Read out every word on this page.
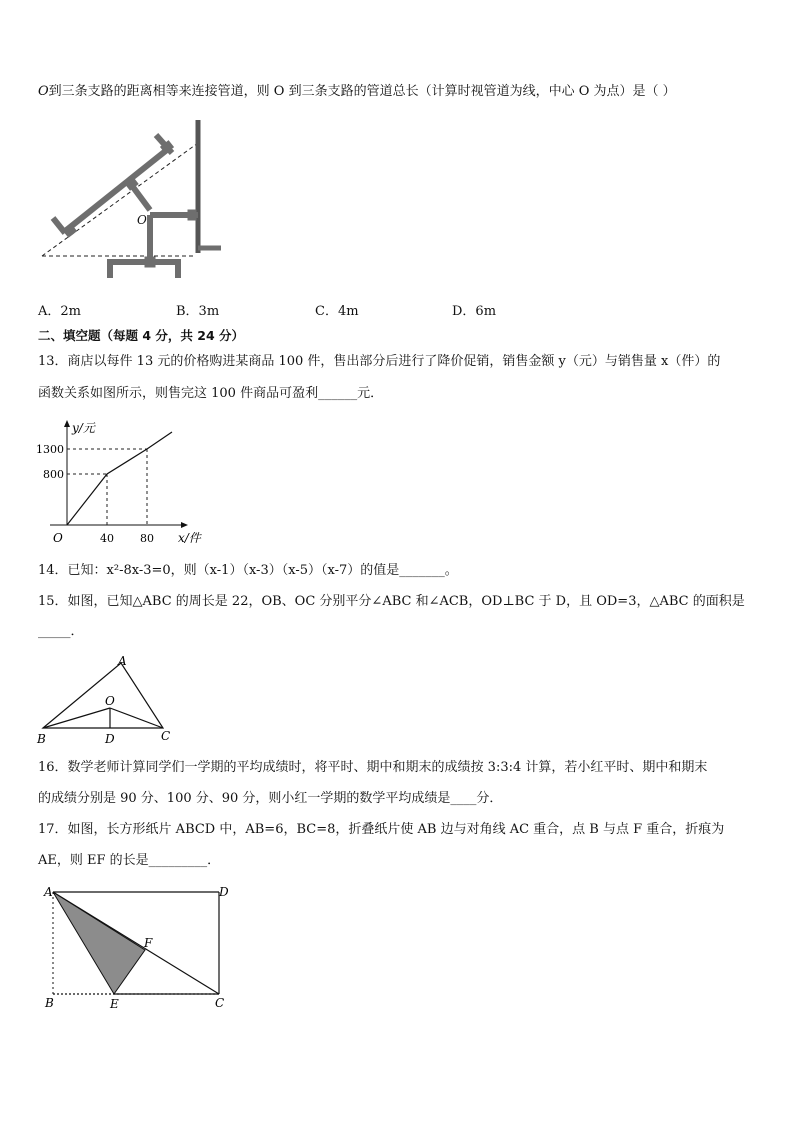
O到三条支路的距离相等来连接管道，则 O 到三条支路的管道总长（计算时视管道为线，中心 O 为点）是（ ）
O
A．2m	B．3m	C．4m	D．6m
二、填空题（每题 4 分，共 24 分）
13．商店以每件 13 元的价格购进某商品 100 件，售出部分后进行了降价促销，销售金额 y（元）与销售量 x（件）的
函数关系如图所示，则售完这 100 件商品可盈利______元．
y/元
x/件
O
1300
800
40 80
14．已知：x²-8x-3=0，则（x-1）（x-3）（x-5）（x-7）的值是_______。
15．如图，已知△ABC 的周长是 22，OB、OC 分别平分∠ABC 和∠ACB，OD⊥BC 于 D，且 OD=3，△ABC 的面积是
_____．
A
O
B	D	C
16．数学老师计算同学们一学期的平均成绩时，将平时、期中和期末的成绩按 3:3:4 计算，若小红平时、期中和期末
的成绩分别是 90 分、100 分、90 分，则小红一学期的数学平均成绩是____分．
17．如图，长方形纸片 ABCD 中，AB=6，BC=8，折叠纸片使 AB 边与对角线 AC 重合，点 B 与点 F 重合，折痕为
AE，则 EF 的长是_________．
A	D
F
B	E	C
